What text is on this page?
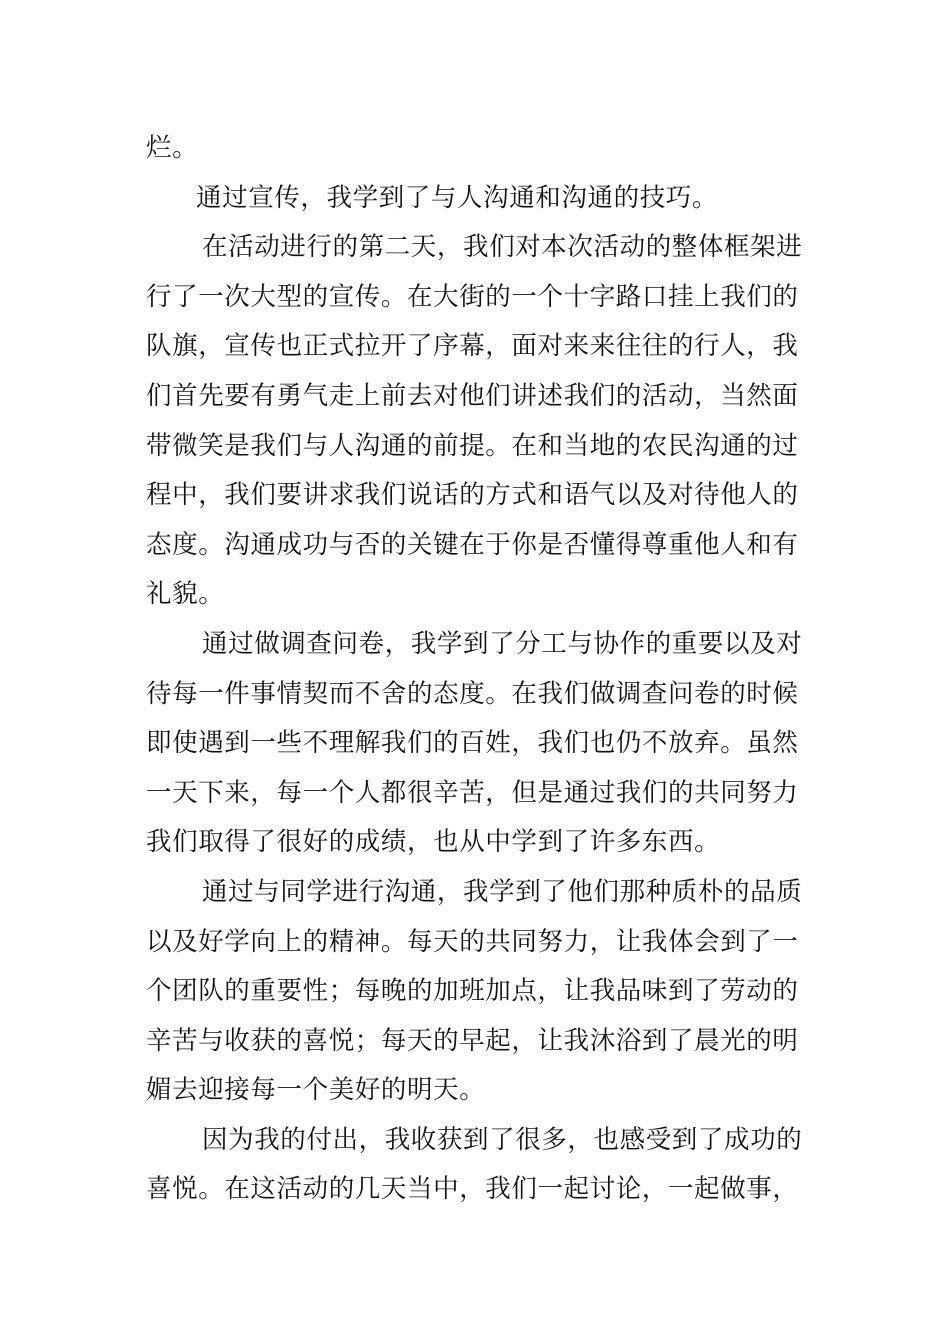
烂。
通过宣传，我学到了与人沟通和沟通的技巧。
在活动进行的第二天，我们对本次活动的整体框架进
行了一次大型的宣传。在大街的一个十字路口挂上我们的
队旗，宣传也正式拉开了序幕，面对来来往往的行人，我
们首先要有勇气走上前去对他们讲述我们的活动，当然面
带微笑是我们与人沟通的前提。在和当地的农民沟通的过
程中，我们要讲求我们说话的方式和语气以及对待他人的
态度。沟通成功与否的关键在于你是否懂得尊重他人和有
礼貌。
通过做调查问卷，我学到了分工与协作的重要以及对
待每一件事情契而不舍的态度。在我们做调查问卷的时候
即使遇到一些不理解我们的百姓，我们也仍不放弃。虽然
一天下来，每一个人都很辛苦，但是通过我们的共同努力
我们取得了很好的成绩，也从中学到了许多东西。
通过与同学进行沟通，我学到了他们那种质朴的品质
以及好学向上的精神。每天的共同努力，让我体会到了一
个团队的重要性；每晚的加班加点，让我品味到了劳动的
辛苦与收获的喜悦；每天的早起，让我沐浴到了晨光的明
媚去迎接每一个美好的明天。
因为我的付出，我收获到了很多，也感受到了成功的
喜悦。在这活动的几天当中，我们一起讨论，一起做事，
